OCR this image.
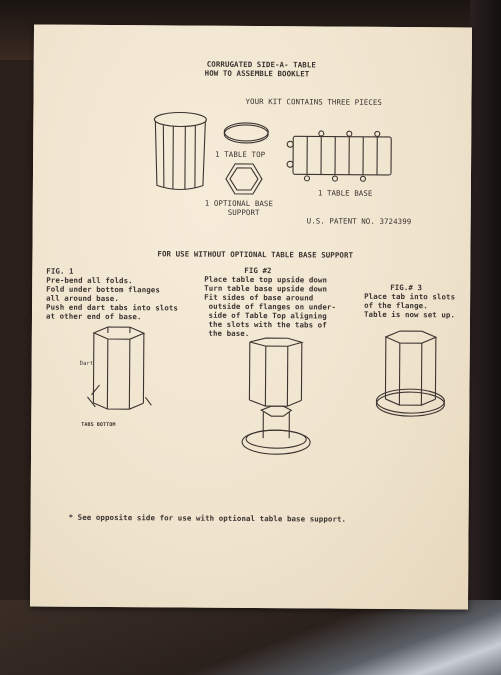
CORRUGATED SIDE-A- TABLE
HOW TO ASSEMBLE BOOKLET
YOUR KIT CONTAINS THREE PIECES
1 TABLE TOP
1 OPTIONAL BASE
SUPPORT
1 TABLE BASE
U.S. PATENT NO. 3724399
FOR USE WITHOUT OPTIONAL TABLE BASE SUPPORT
FIG. 1
Pre-bend all folds.
Fold under bottom flanges
all around base.
Push end dart tabs into slots
at other end of base.
Dart
TABS BOTTOM
FIG #2
Place table top upside down
Turn table base upside down
Fit sides of base around
outside of flanges on under-
side of Table Top aligning
the slots with the tabs of
the base.
FIG.# 3
Place tab into slots
of the flange.
Table is now set up.
* See opposite side for use with optional table base support.
